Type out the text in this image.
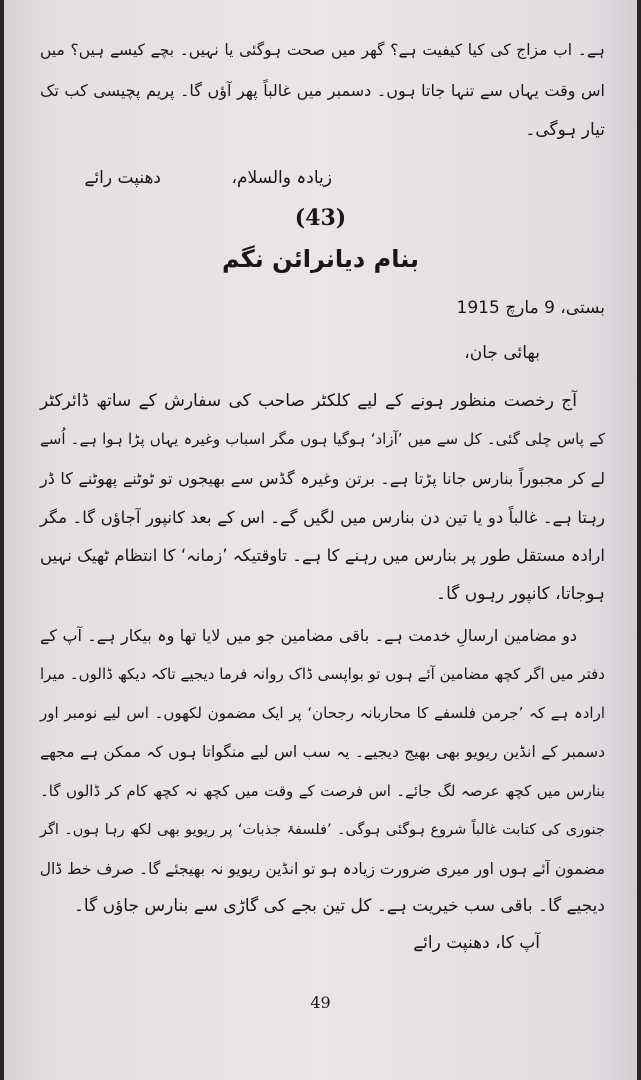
ہے۔ اب مزاج کی کیا کیفیت ہے؟ گھر میں صحت ہوگئی یا نہیں۔ بچے کیسے ہیں؟ میں
اس وقت یہاں سے تنہا جاتا ہوں۔ دسمبر میں غالباً پھر آؤں گا۔ پریم پچیسی کب تک
تیار ہوگی۔
زیادہ والسلام،
دھنپت رائے
(43)
بنام دیانرائن نگم
بستی، 9 مارچ 1915
بھائی جان،
آج رخصت منظور ہونے کے لیے کلکٹر صاحب کی سفارش کے ساتھ ڈائرکٹر
کے پاس چلی گئی۔ کل سے میں ’آزاد‘ ہوگیا ہوں مگر اسباب وغیرہ یہاں پڑا ہوا ہے۔ اُسے
لے کر مجبوراً بنارس جانا پڑتا ہے۔ برتن وغیرہ گڈس سے بھیجوں تو ٹوٹنے پھوٹنے کا ڈر
رہتا ہے۔ غالباً دو یا تین دن بنارس میں لگیں گے۔ اس کے بعد کانپور آجاؤں گا۔ مگر
ارادہ مستقل طور پر بنارس میں رہنے کا ہے۔ تاوقتیکہ ’زمانہ‘ کا انتظام ٹھیک نہیں
ہوجاتا، کانپور رہوں گا۔
دو مضامین ارسالِ خدمت ہے۔ باقی مضامین جو میں لایا تھا وہ بیکار ہے۔ آپ کے
دفتر میں اگر کچھ مضامین آئے ہوں تو بواپسی ڈاک روانہ فرما دیجیے تاکہ دیکھ ڈالوں۔ میرا
ارادہ ہے کہ ’جرمن فلسفے کا محاربانہ رجحان‘ پر ایک مضمون لکھوں۔ اس لیے نومبر اور
دسمبر کے انڈین ریویو بھی بھیج دیجیے۔ یہ سب اس لیے منگواتا ہوں کہ ممکن ہے مجھے
بنارس میں کچھ عرصہ لگ جائے۔ اس فرصت کے وقت میں کچھ نہ کچھ کام کر ڈالوں گا۔
جنوری کی کتابت غالباً شروع ہوگئی ہوگی۔ ’فلسفۂ جذبات‘ پر ریویو بھی لکھ رہا ہوں۔ اگر
مضمون آئے ہوں اور میری ضرورت زیادہ ہو تو انڈین ریویو نہ بھیجئے گا۔ صرف خط ڈال
دیجیے گا۔ باقی سب خیریت ہے۔ کل تین بجے کی گاڑی سے بنارس جاؤں گا۔
آپ کا، دھنپت رائے
49
